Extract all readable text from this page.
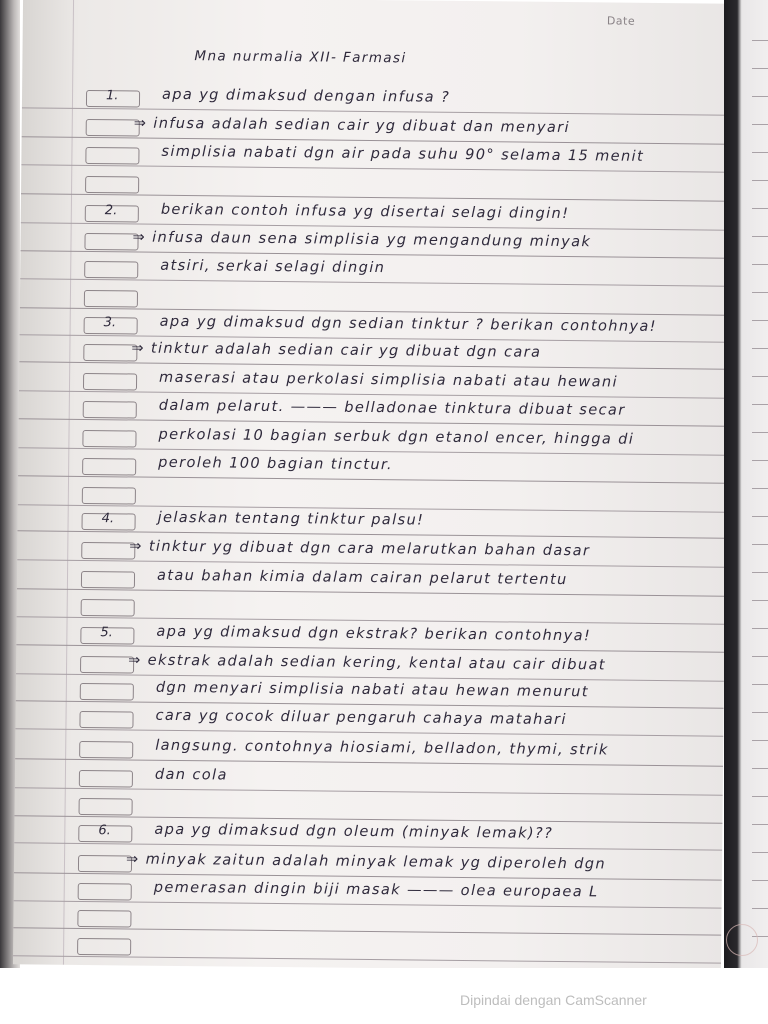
Date
Mna nurmalia XII- Farmasi
1.	apa yg dimaksud dengan infusa ?
⇒ infusa adalah sedian cair yg dibuat dan menyari
simplisia nabati dgn air pada suhu 90° selama 15 menit
2.	berikan contoh infusa yg disertai selagi dingin!
⇒ infusa daun sena simplisia yg mengandung minyak
atsiri, serkai selagi dingin
3.	apa yg dimaksud dgn sedian tinktur ? berikan contohnya!
⇒ tinktur adalah sedian cair yg dibuat dgn cara
maserasi atau perkolasi simplisia nabati atau hewani
dalam pelarut. ——— belladonae tinktura dibuat secar
perkolasi 10 bagian serbuk dgn etanol encer, hingga di
peroleh 100 bagian tinctur.
4.	jelaskan tentang tinktur palsu!
⇒ tinktur yg dibuat dgn cara melarutkan bahan dasar
atau bahan kimia dalam cairan pelarut tertentu
5.	apa yg dimaksud dgn ekstrak? berikan contohnya!
⇒ ekstrak adalah sedian kering, kental atau cair dibuat
dgn menyari simplisia nabati atau hewan menurut
cara yg cocok diluar pengaruh cahaya matahari
langsung. contohnya hiosiami, belladon, thymi, strik
dan cola
6.	apa yg dimaksud dgn oleum (minyak lemak)??
⇒ minyak zaitun adalah minyak lemak yg diperoleh dgn
pemerasan dingin biji masak ——— olea europaea L
Dipindai dengan CamScanner
